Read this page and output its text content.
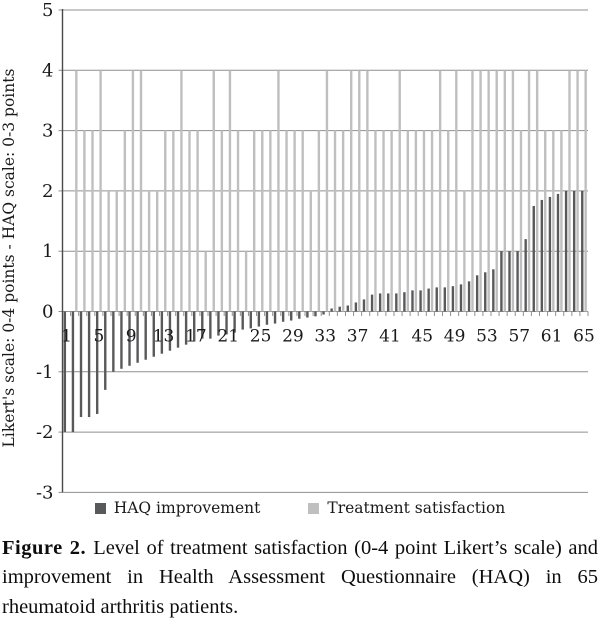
5
4
3
2
1
0
-1
-2
-3
1 5 9 13 17 21 25 29 33 37 41 45 49 53 57 61 65
Likert's scale: 0-4 points - HAQ scale: 0-3 points
HAQ improvement	Treatment satisfaction

Figure 2. Level of treatment satisfaction (0-4 point Likert’s scale) and improvement in Health Assessment Questionnaire (HAQ) in 65 rheumatoid arthritis patients.
